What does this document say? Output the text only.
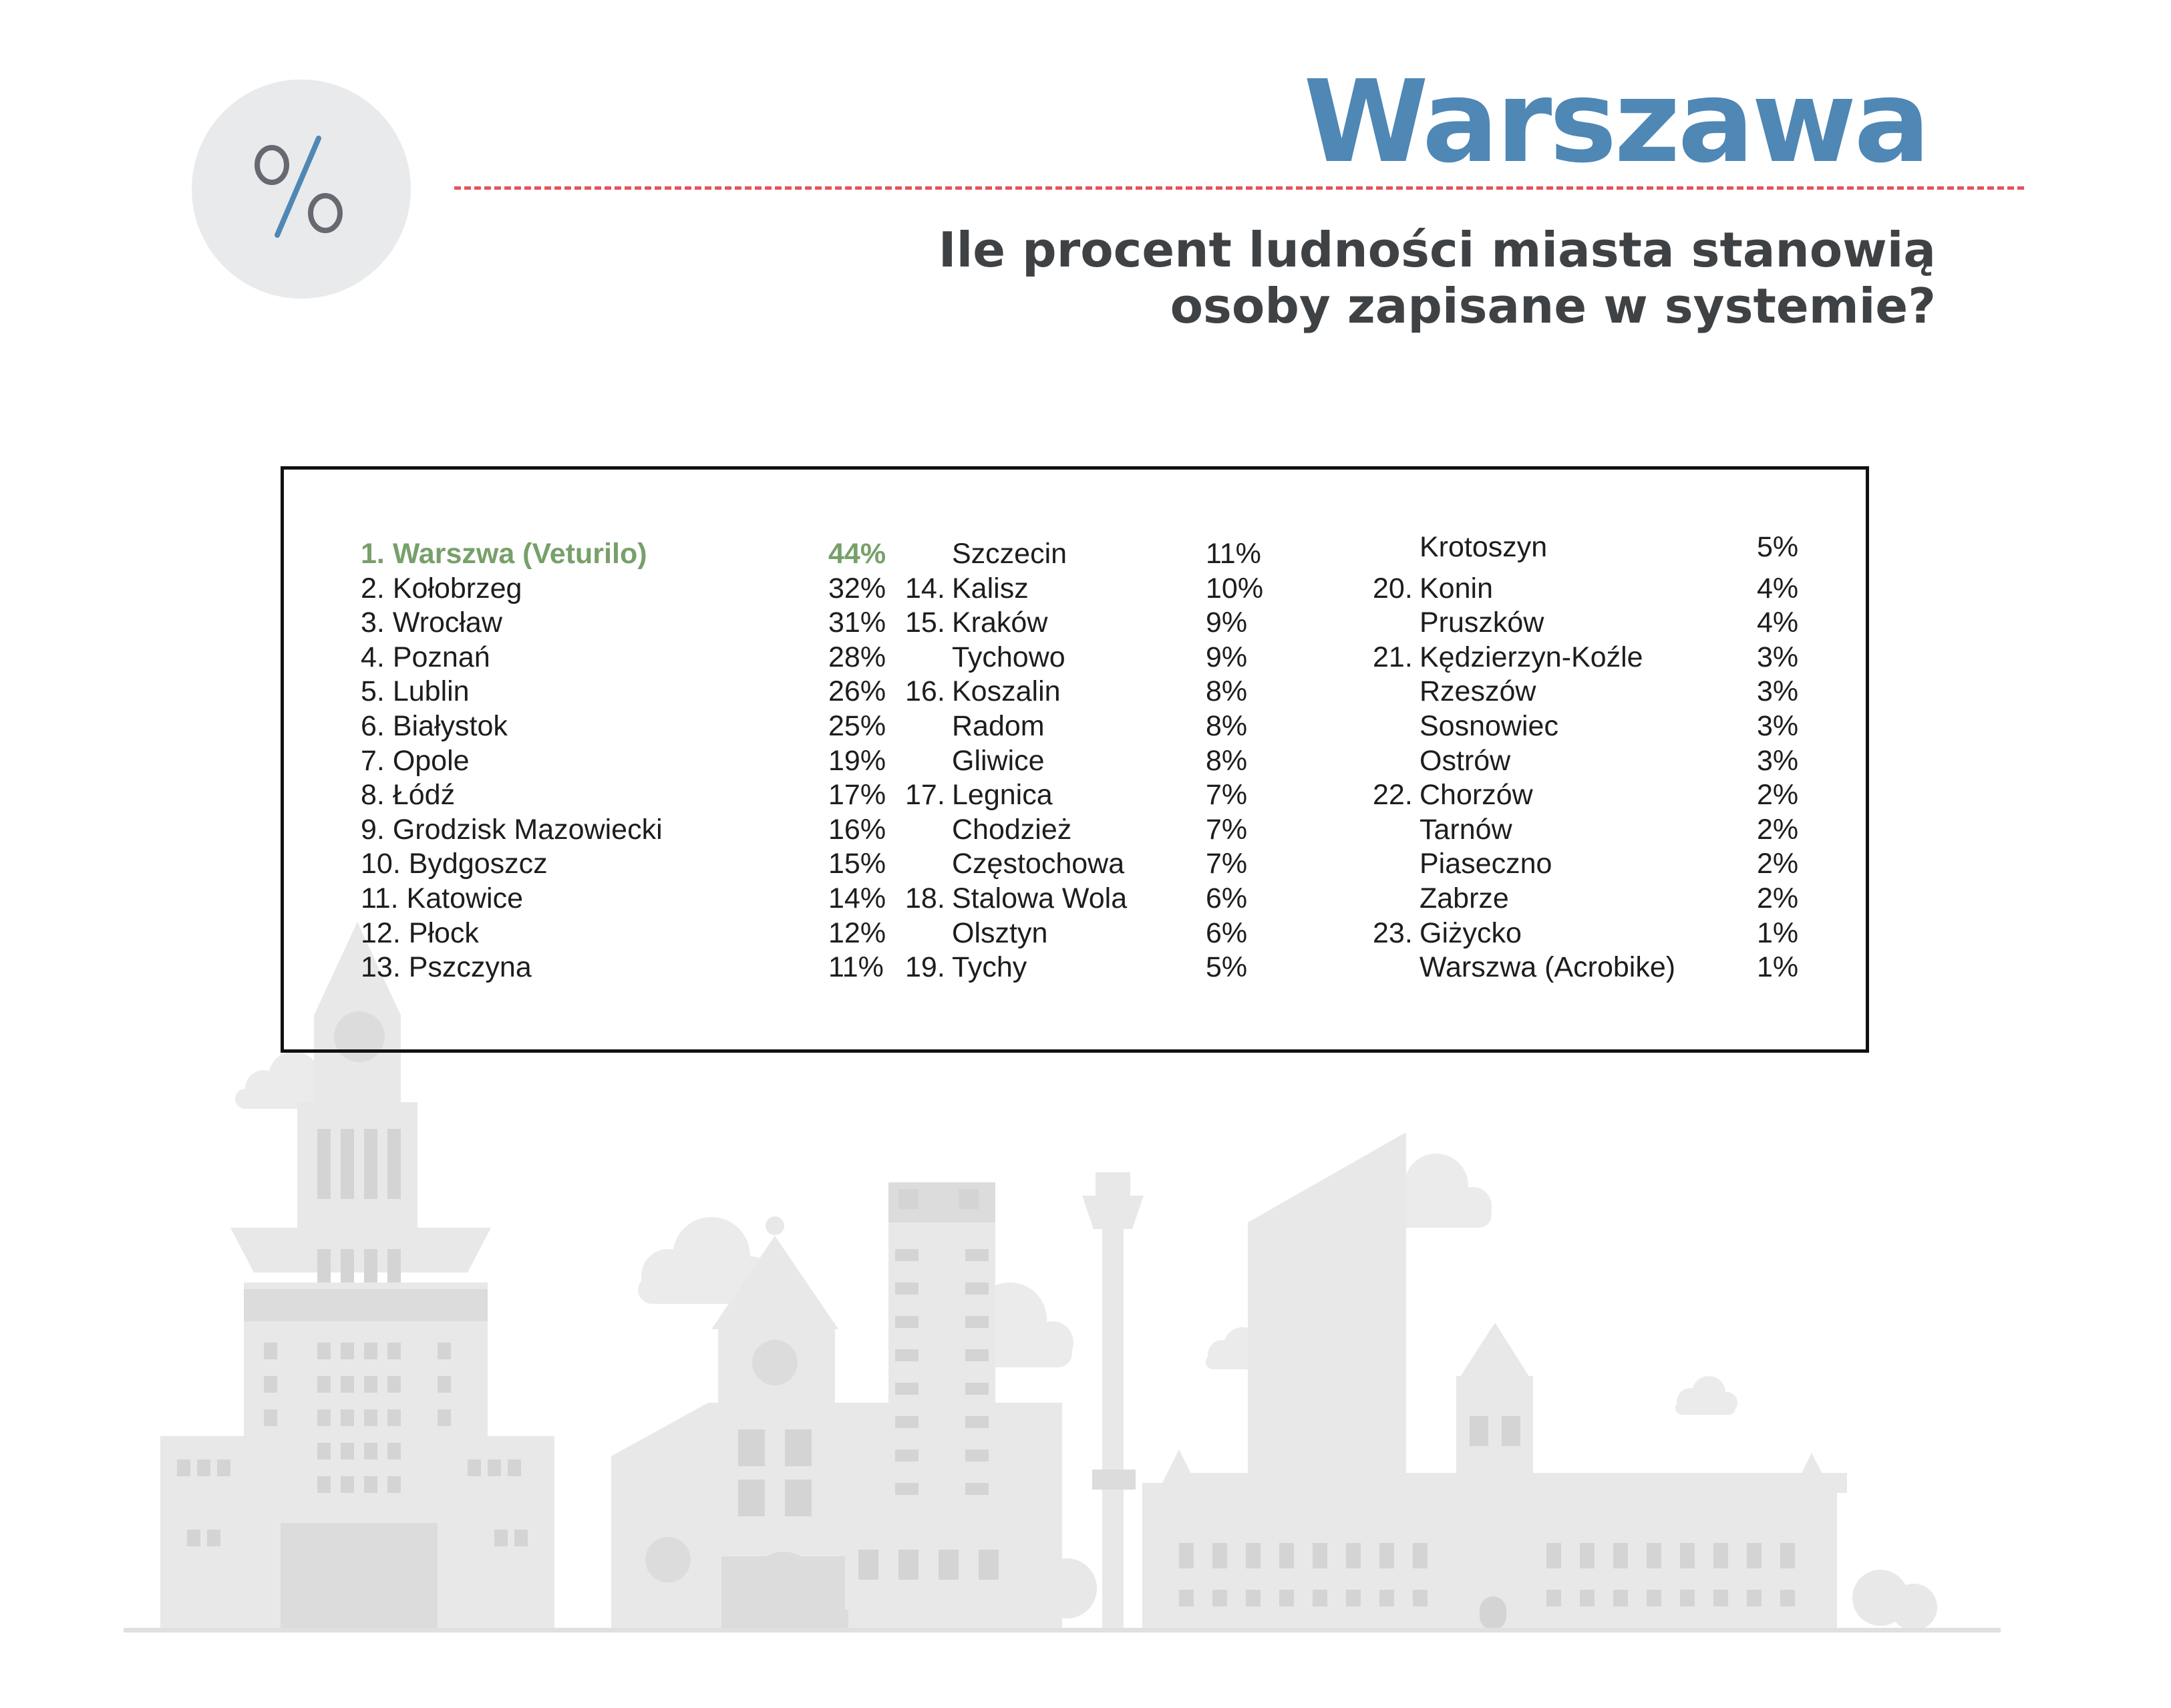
Warszawa
Ile procent ludności miasta stanowią
osoby zapisane w systemie?
1. Warszwa (Veturilo)	44%
2. Kołobrzeg	32%
3. Wrocław	31%
4. Poznań	28%
5. Lublin	26%
6. Białystok	25%
7. Opole	19%
8. Łódź	17%
9. Grodzisk Mazowiecki	16%
10. Bydgoszcz	15%
11. Katowice	14%
12. Płock	12%
13. Pszczyna	11%
Szczecin	11%
14. Kalisz	10%
15. Kraków	9%
Tychowo	9%
16. Koszalin	8%
Radom	8%
Gliwice	8%
17. Legnica	7%
Chodzież	7%
Częstochowa	7%
18. Stalowa Wola	6%
Olsztyn	6%
19. Tychy	5%
Krotoszyn	5%
20. Konin	4%
Pruszków	4%
21. Kędzierzyn-Koźle	3%
Rzeszów	3%
Sosnowiec	3%
Ostrów	3%
22. Chorzów	2%
Tarnów	2%
Piaseczno	2%
Zabrze	2%
23. Giżycko	1%
Warszwa (Acrobike)	1%
